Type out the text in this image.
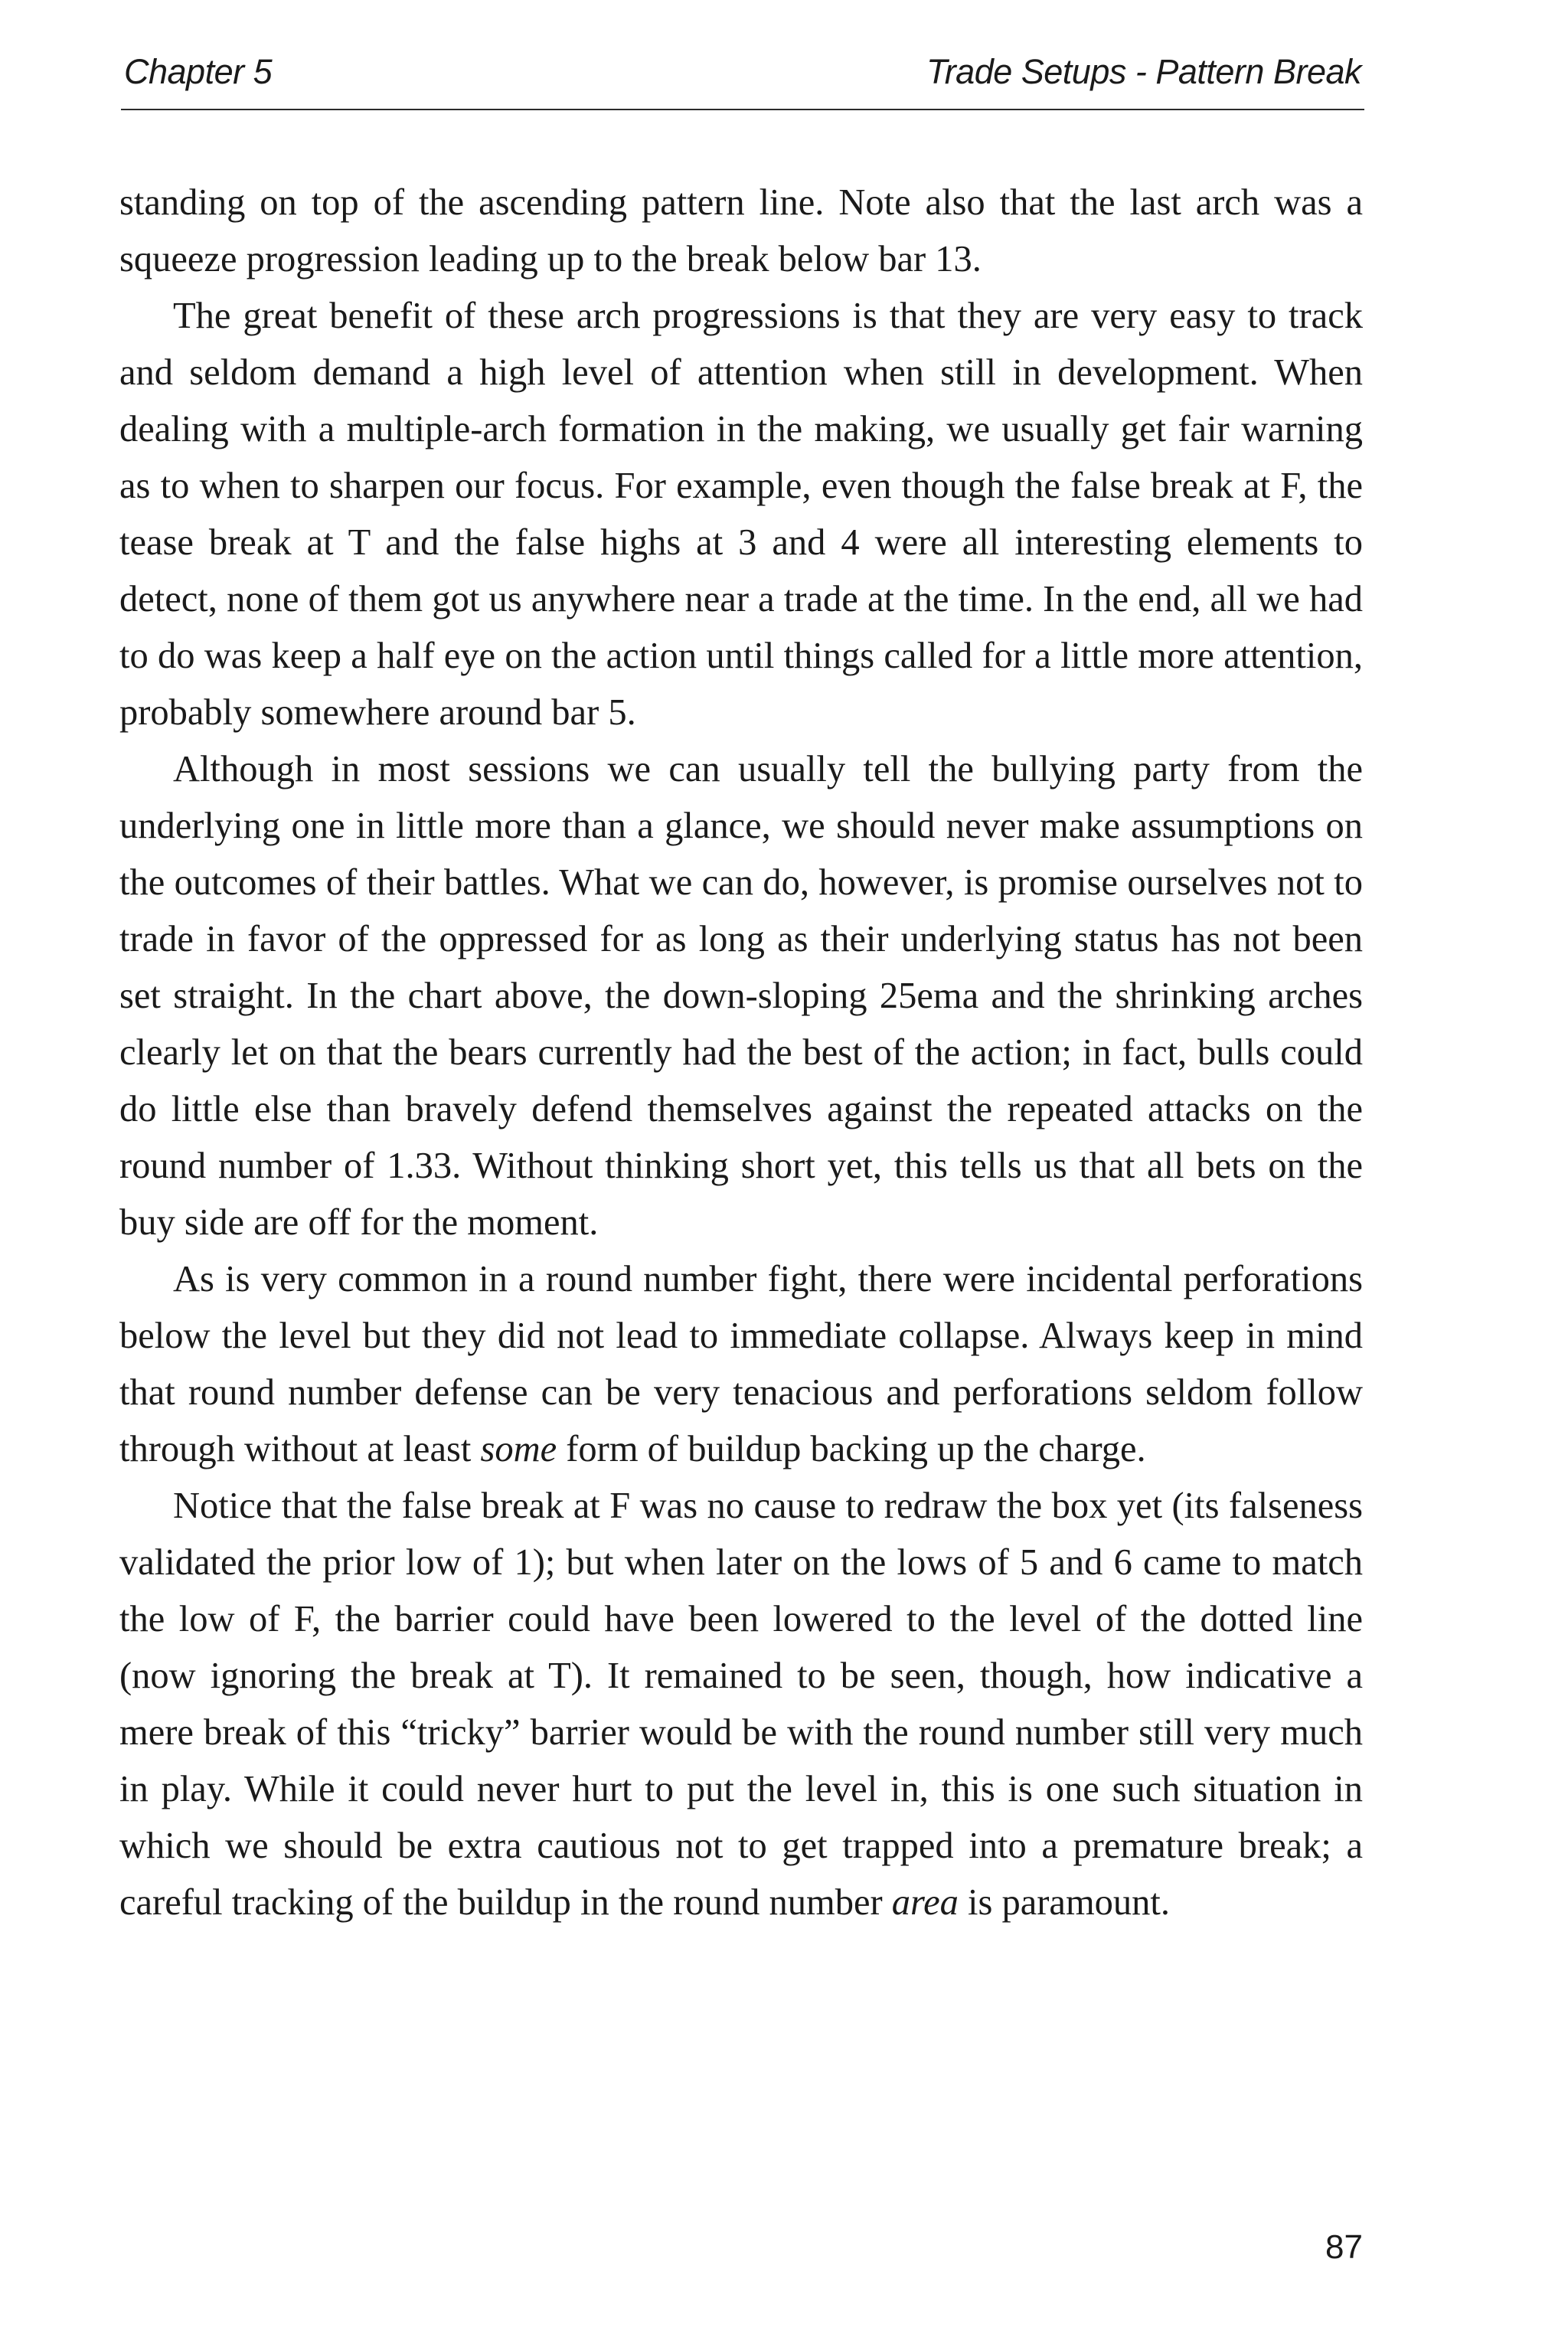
Chapter 5	Trade Setups - Pattern Break

standing on top of the ascending pattern line. Note also that the last arch was a squeeze progression leading up to the break below bar 13.

The great benefit of these arch progressions is that they are very easy to track and seldom demand a high level of attention when still in development. When dealing with a multiple-arch formation in the making, we usually get fair warning as to when to sharpen our focus. For example, even though the false break at F, the tease break at T and the false highs at 3 and 4 were all interesting elements to detect, none of them got us anywhere near a trade at the time. In the end, all we had to do was keep a half eye on the action until things called for a little more attention, probably somewhere around bar 5.

Although in most sessions we can usually tell the bullying party from the underlying one in little more than a glance, we should never make assumptions on the outcomes of their battles. What we can do, however, is promise ourselves not to trade in favor of the oppressed for as long as their underlying status has not been set straight. In the chart above, the down-sloping 25ema and the shrinking arches clearly let on that the bears currently had the best of the action; in fact, bulls could do little else than bravely defend themselves against the repeated attacks on the round number of 1.33. Without thinking short yet, this tells us that all bets on the buy side are off for the moment.

As is very common in a round number fight, there were incidental perforations below the level but they did not lead to immediate collapse. Always keep in mind that round number defense can be very tenacious and perforations seldom follow through without at least some form of buildup backing up the charge.

Notice that the false break at F was no cause to redraw the box yet (its falseness validated the prior low of 1); but when later on the lows of 5 and 6 came to match the low of F, the barrier could have been lowered to the level of the dotted line (now ignoring the break at T). It remained to be seen, though, how indicative a mere break of this “tricky” barrier would be with the round number still very much in play. While it could never hurt to put the level in, this is one such situation in which we should be extra cautious not to get trapped into a premature break; a careful tracking of the buildup in the round number area is paramount.

87
